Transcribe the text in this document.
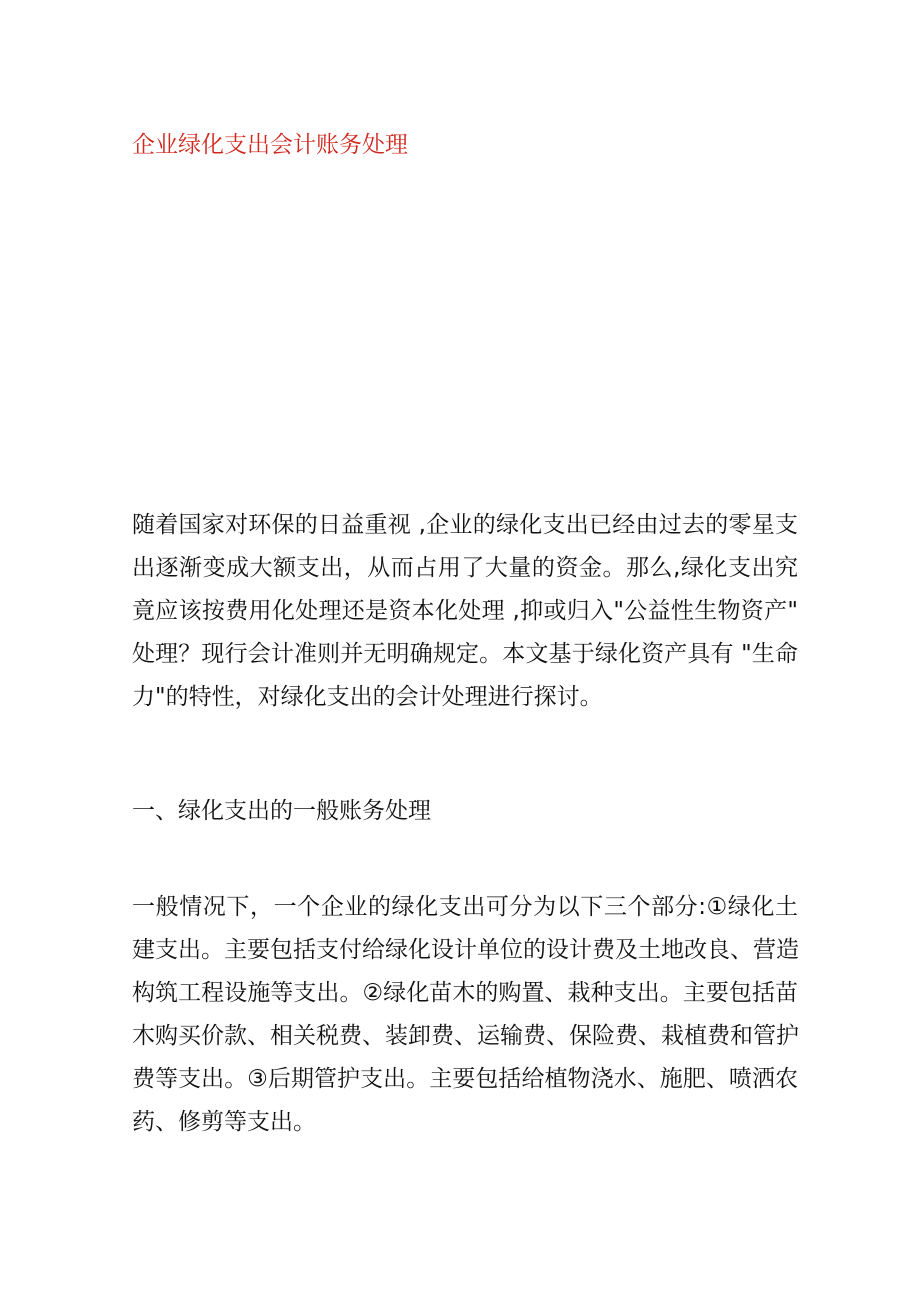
企业绿化支出会计账务处理
随着国家对环保的日益重视 ,企业的绿化支出已经由过去的零星支
出逐渐变成大额支出，从而占用了大量的资金。那么,绿化支出究
竟应该按费用化处理还是资本化处理 ,抑或归入"公益性生物资产"
处理？现行会计准则并无明确规定。本文基于绿化资产具有 "生命
力"的特性，对绿化支出的会计处理进行探讨。
一、绿化支出的一般账务处理
一般情况下，一个企业的绿化支出可分为以下三个部分:①绿化土
建支出。主要包括支付给绿化设计单位的设计费及土地改良、营造
构筑工程设施等支出。②绿化苗木的购置、栽种支出。主要包括苗
木购买价款、相关税费、装卸费、运输费、保险费、栽植费和管护
费等支出。③后期管护支出。主要包括给植物浇水、施肥、喷洒农
药、修剪等支出。
